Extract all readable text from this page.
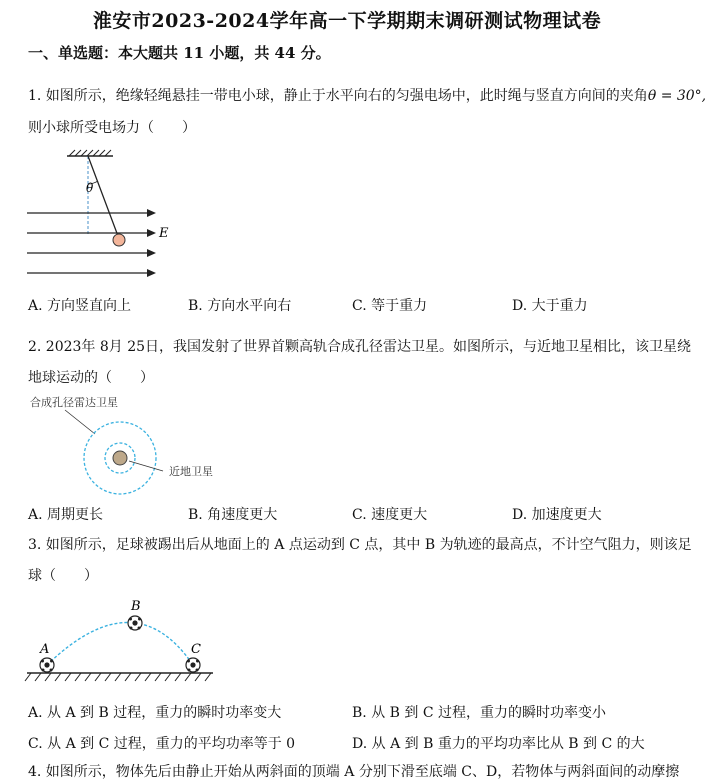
淮安市2023-2024学年高一下学期期末调研测试物理试卷
一、单选题：本大题共 11 小题，共 44 分。
1. 如图所示，绝缘轻绳悬挂一带电小球，静止于水平向右的匀强电场中，此时绳与竖直方向间的夹角θ = 30°,
则小球所受电场力（　　）
θ
E
A. 方向竖直向上	B. 方向水平向右	C. 等于重力	D. 大于重力
2. 2023年 8月 25日，我国发射了世界首颗高轨合成孔径雷达卫星。如图所示，与近地卫星相比，该卫星绕
地球运动的（　　）
合成孔径雷达卫星
近地卫星
A. 周期更长	B. 角速度更大	C. 速度更大	D. 加速度更大
3. 如图所示，足球被踢出后从地面上的 A 点运动到 C 点，其中 B 为轨迹的最高点，不计空气阻力，则该足
球（　　）
A
B
C
A. 从 A 到 B 过程，重力的瞬时功率变大	B. 从 B 到 C 过程，重力的瞬时功率变小
C. 从 A 到 C 过程，重力的平均功率等于 0	D. 从 A 到 B 重力的平均功率比从 B 到 C 的大
4. 如图所示，物体先后由静止开始从两斜面的顶端 A 分别下滑至底端 C、D，若物体与两斜面间的动摩擦
